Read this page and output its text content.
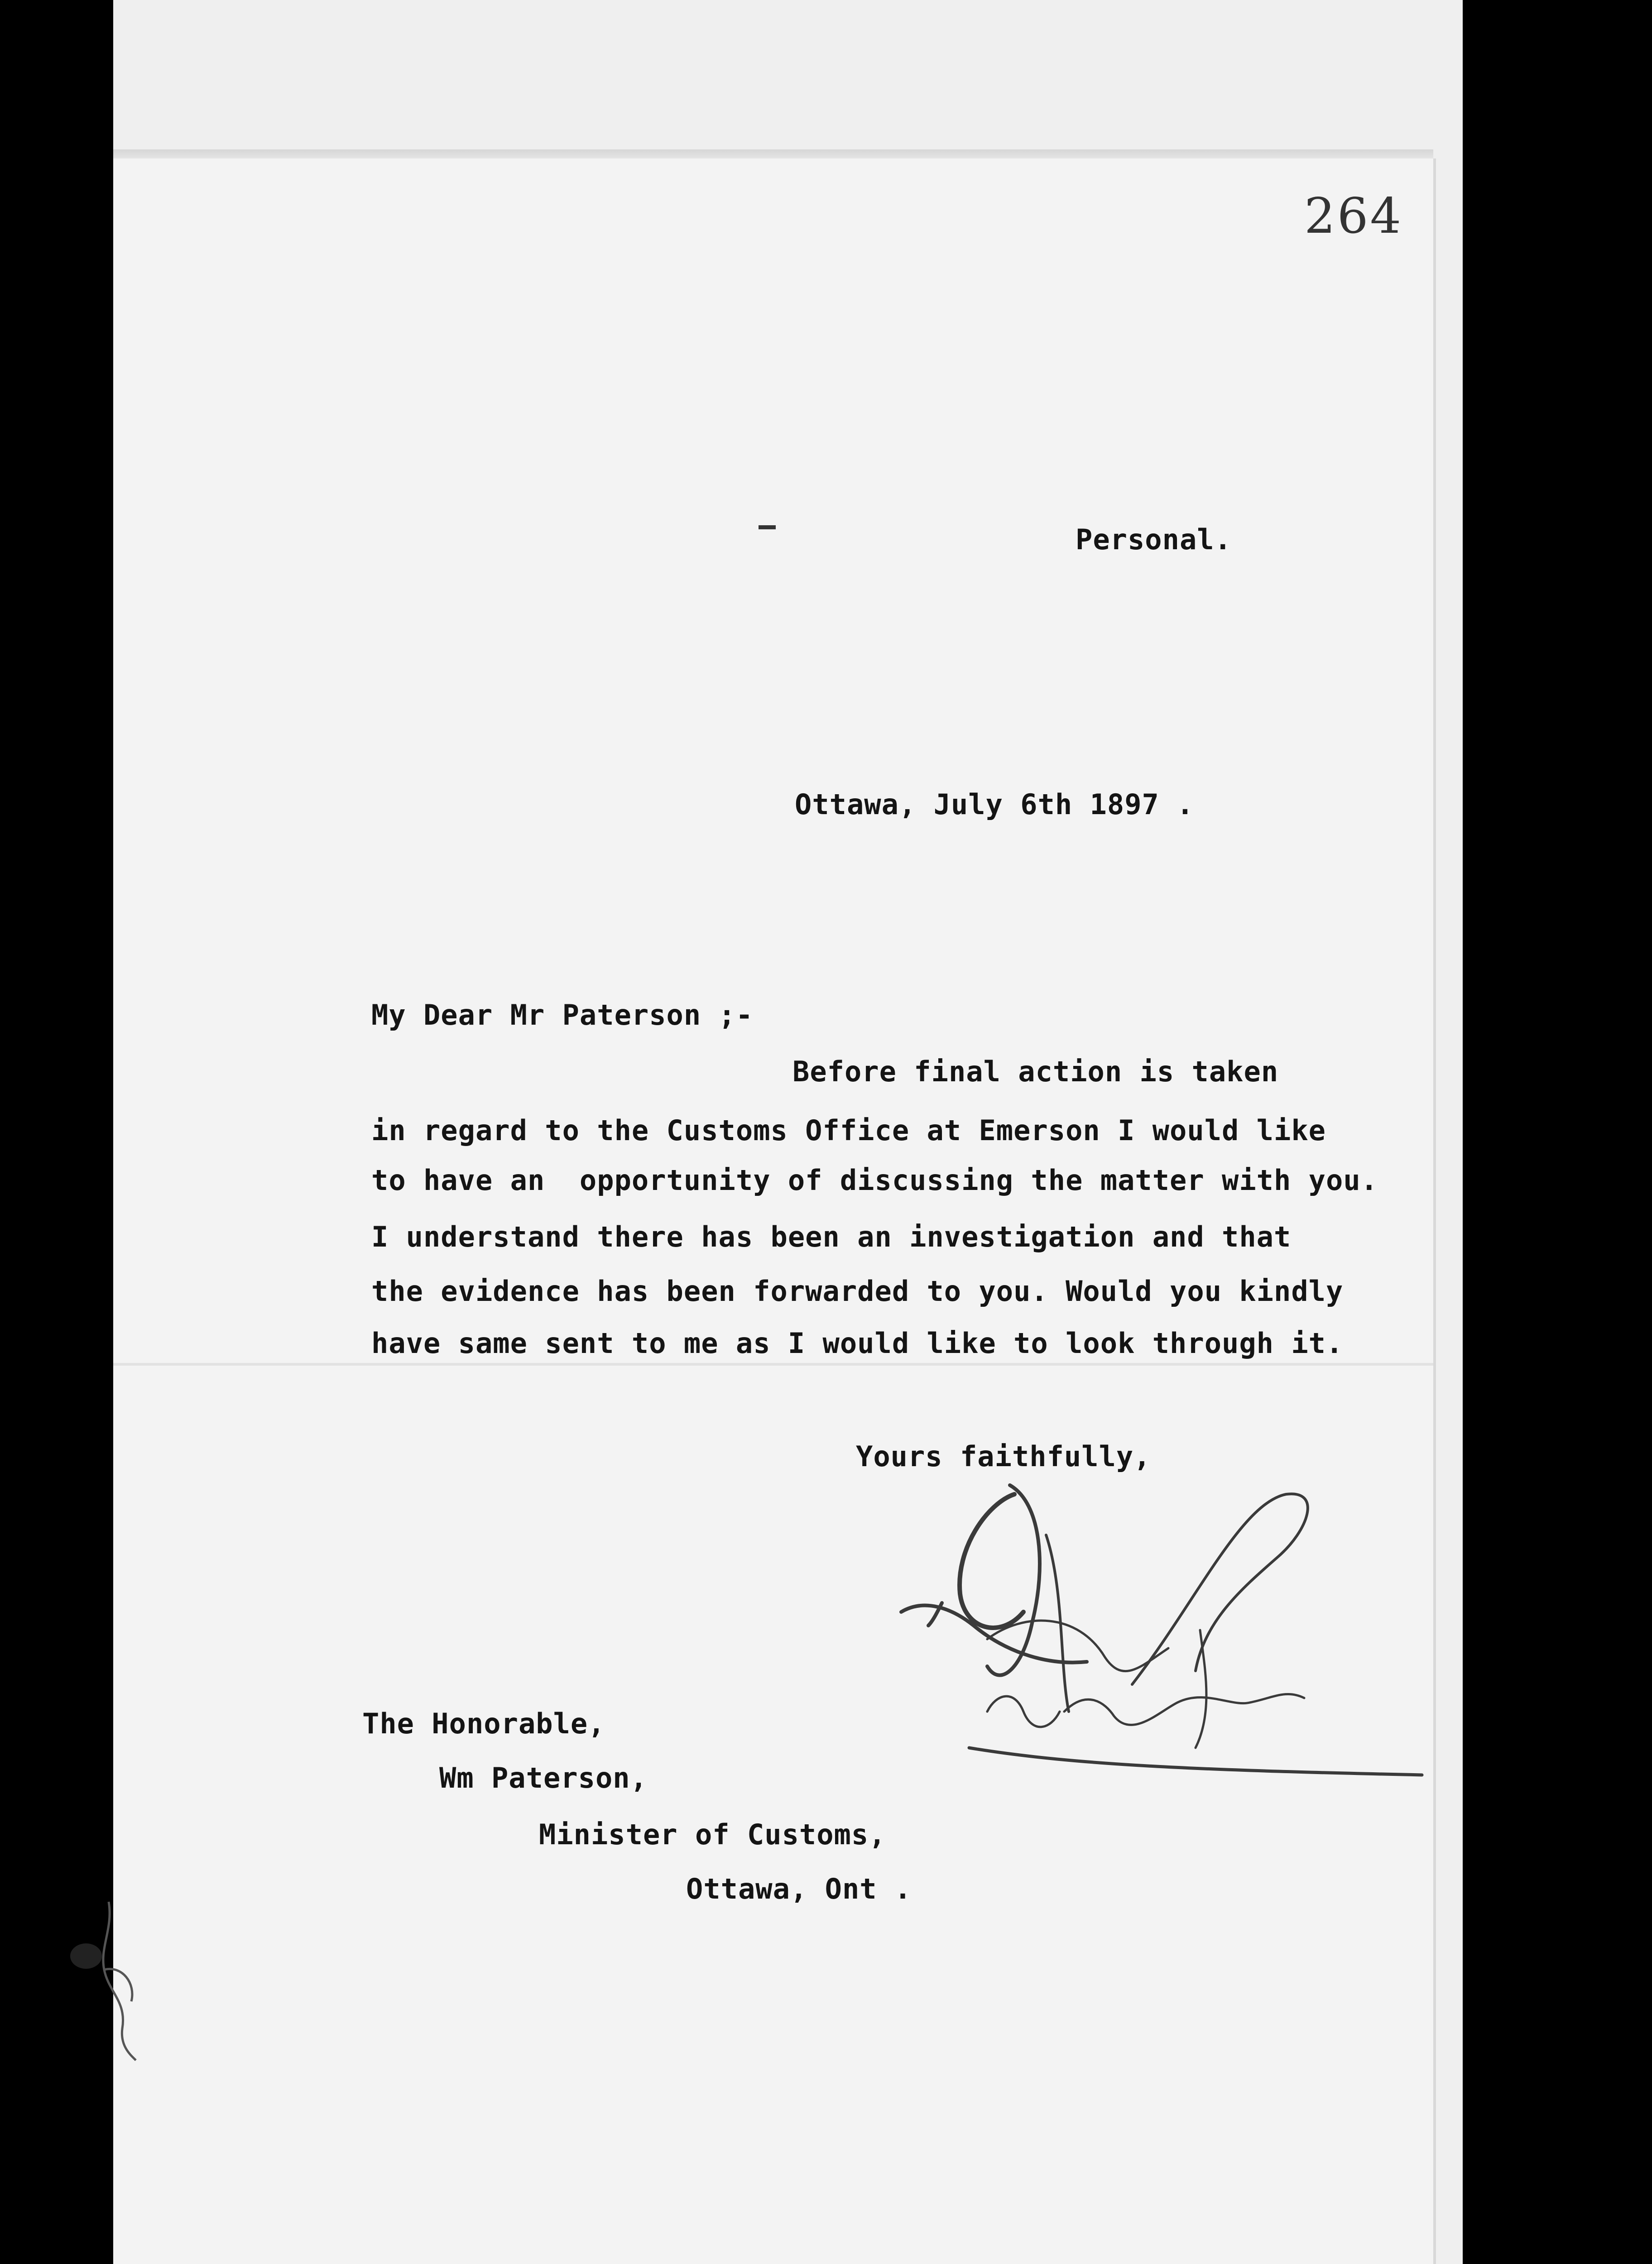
264
Personal.
Ottawa, July 6th 1897 .
My Dear Mr Paterson ;-
Before final action is taken
in regard to the Customs Office at Emerson I would like
to have an  opportunity of discussing the matter with you.
I understand there has been an investigation and that
the evidence has been forwarded to you. Would you kindly
have same sent to me as I would like to look through it.
Yours faithfully,
The Honorable,
Wm Paterson,
Minister of Customs,
Ottawa, Ont .
